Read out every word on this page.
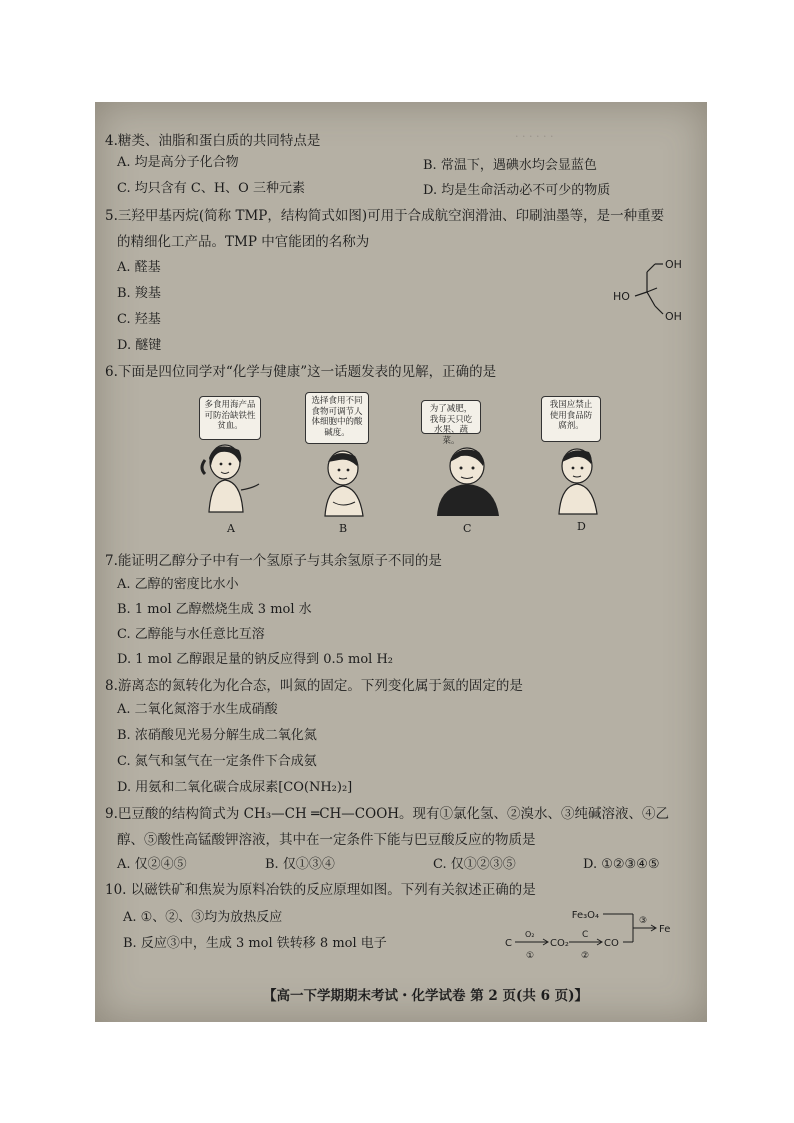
· · · · · ·
4.糖类、油脂和蛋白质的共同特点是
A. 均是高分子化合物	B. 常温下，遇碘水均会显蓝色
C. 均只含有 C、H、O 三种元素	D. 均是生命活动必不可少的物质
5.三羟甲基丙烷(简称 TMP，结构简式如图)可用于合成航空润滑油、印刷油墨等，是一种重要
的精细化工产品。TMP 中官能团的名称为
A. 醛基
B. 羧基
C. 羟基
D. 醚键
OH
HO
OH
6.下面是四位同学对“化学与健康”这一话题发表的见解，正确的是
多食用海产品可防治缺铁性贫血。
A
选择食用不同食物可调节人体细胞中的酸碱度。
B
为了减肥，我每天只吃水果、蔬菜。
C
我国应禁止使用食品防腐剂。
D
7.能证明乙醇分子中有一个氢原子与其余氢原子不同的是
A. 乙醇的密度比水小
B. 1 mol 乙醇燃烧生成 3 mol 水
C. 乙醇能与水任意比互溶
D. 1 mol 乙醇跟足量的钠反应得到 0.5 mol H₂
8.游离态的氮转化为化合态，叫氮的固定。下列变化属于氮的固定的是
A. 二氧化氮溶于水生成硝酸
B. 浓硝酸见光易分解生成二氧化氮
C. 氮气和氢气在一定条件下合成氨
D. 用氨和二氧化碳合成尿素[CO(NH₂)₂]
9.巴豆酸的结构简式为 CH₃—CH ═CH—COOH。现有①氯化氢、②溴水、③纯碱溶液、④乙
醇、⑤酸性高锰酸钾溶液，其中在一定条件下能与巴豆酸反应的物质是
A. 仅②④⑤	B. 仅①③④	C. 仅①②③⑤	D. ①②③④⑤
10. 以磁铁矿和焦炭为原料冶铁的反应原理如图。下列有关叙述正确的是
A. ①、②、③均为放热反应
B. 反应③中，生成 3 mol 铁转移 8 mol 电子
Fe₃O₄
C
O₂
①
CO₂
C
②
CO
③
Fe
【高一下学期期末考试・化学试卷 第 2 页(共 6 页)】
